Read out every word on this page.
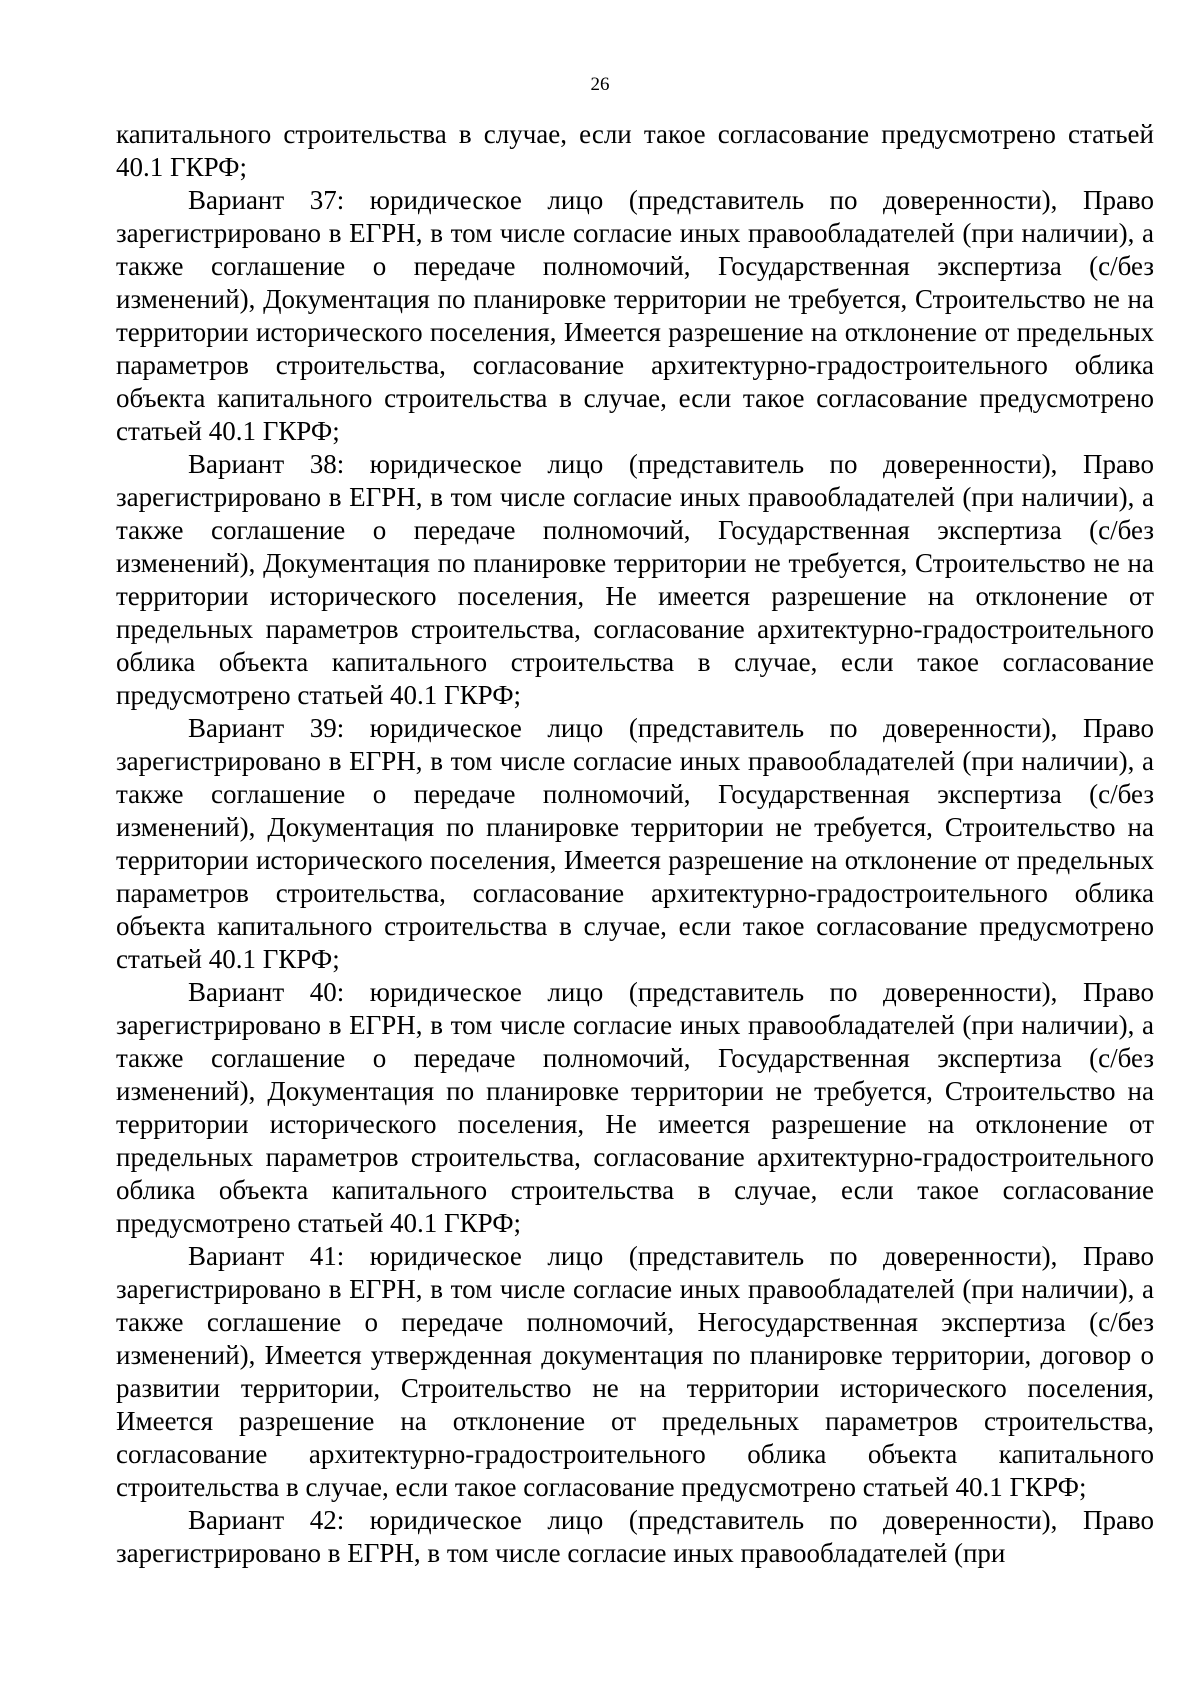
26

капитального строительства в случае, если такое согласование предусмотрено статьей 40.1 ГКРФ;

Вариант 37: юридическое лицо (представитель по доверенности), Право зарегистрировано в ЕГРН, в том числе согласие иных правообладателей (при наличии), а также соглашение о передаче полномочий, Государственная экспертиза (с/без изменений), Документация по планировке территории не требуется, Строительство не на территории исторического поселения, Имеется разрешение на отклонение от предельных параметров строительства, согласование архитектурно-градостроительного облика объекта капитального строительства в случае, если такое согласование предусмотрено статьей 40.1 ГКРФ;

Вариант 38: юридическое лицо (представитель по доверенности), Право зарегистрировано в ЕГРН, в том числе согласие иных правообладателей (при наличии), а также соглашение о передаче полномочий, Государственная экспертиза (с/без изменений), Документация по планировке территории не требуется, Строительство не на территории исторического поселения, Не имеется разрешение на отклонение от предельных параметров строительства, согласование архитектурно-градостроительного облика объекта капитального строительства в случае, если такое согласование предусмотрено статьей 40.1 ГКРФ;

Вариант 39: юридическое лицо (представитель по доверенности), Право зарегистрировано в ЕГРН, в том числе согласие иных правообладателей (при наличии), а также соглашение о передаче полномочий, Государственная экспертиза (с/без изменений), Документация по планировке территории не требуется, Строительство на территории исторического поселения, Имеется разрешение на отклонение от предельных параметров строительства, согласование архитектурно-градостроительного облика объекта капитального строительства в случае, если такое согласование предусмотрено статьей 40.1 ГКРФ;

Вариант 40: юридическое лицо (представитель по доверенности), Право зарегистрировано в ЕГРН, в том числе согласие иных правообладателей (при наличии), а также соглашение о передаче полномочий, Государственная экспертиза (с/без изменений), Документация по планировке территории не требуется, Строительство на территории исторического поселения, Не имеется разрешение на отклонение от предельных параметров строительства, согласование архитектурно-градостроительного облика объекта капитального строительства в случае, если такое согласование предусмотрено статьей 40.1 ГКРФ;

Вариант 41: юридическое лицо (представитель по доверенности), Право зарегистрировано в ЕГРН, в том числе согласие иных правообладателей (при наличии), а также соглашение о передаче полномочий, Негосударственная экспертиза (с/без изменений), Имеется утвержденная документация по планировке территории, договор о развитии территории, Строительство не на территории исторического поселения, Имеется разрешение на отклонение от предельных параметров строительства, согласование архитектурно-градостроительного облика объекта капитального строительства в случае, если такое согласование предусмотрено статьей 40.1 ГКРФ;

Вариант 42: юридическое лицо (представитель по доверенности), Право зарегистрировано в ЕГРН, в том числе согласие иных правообладателей (при
